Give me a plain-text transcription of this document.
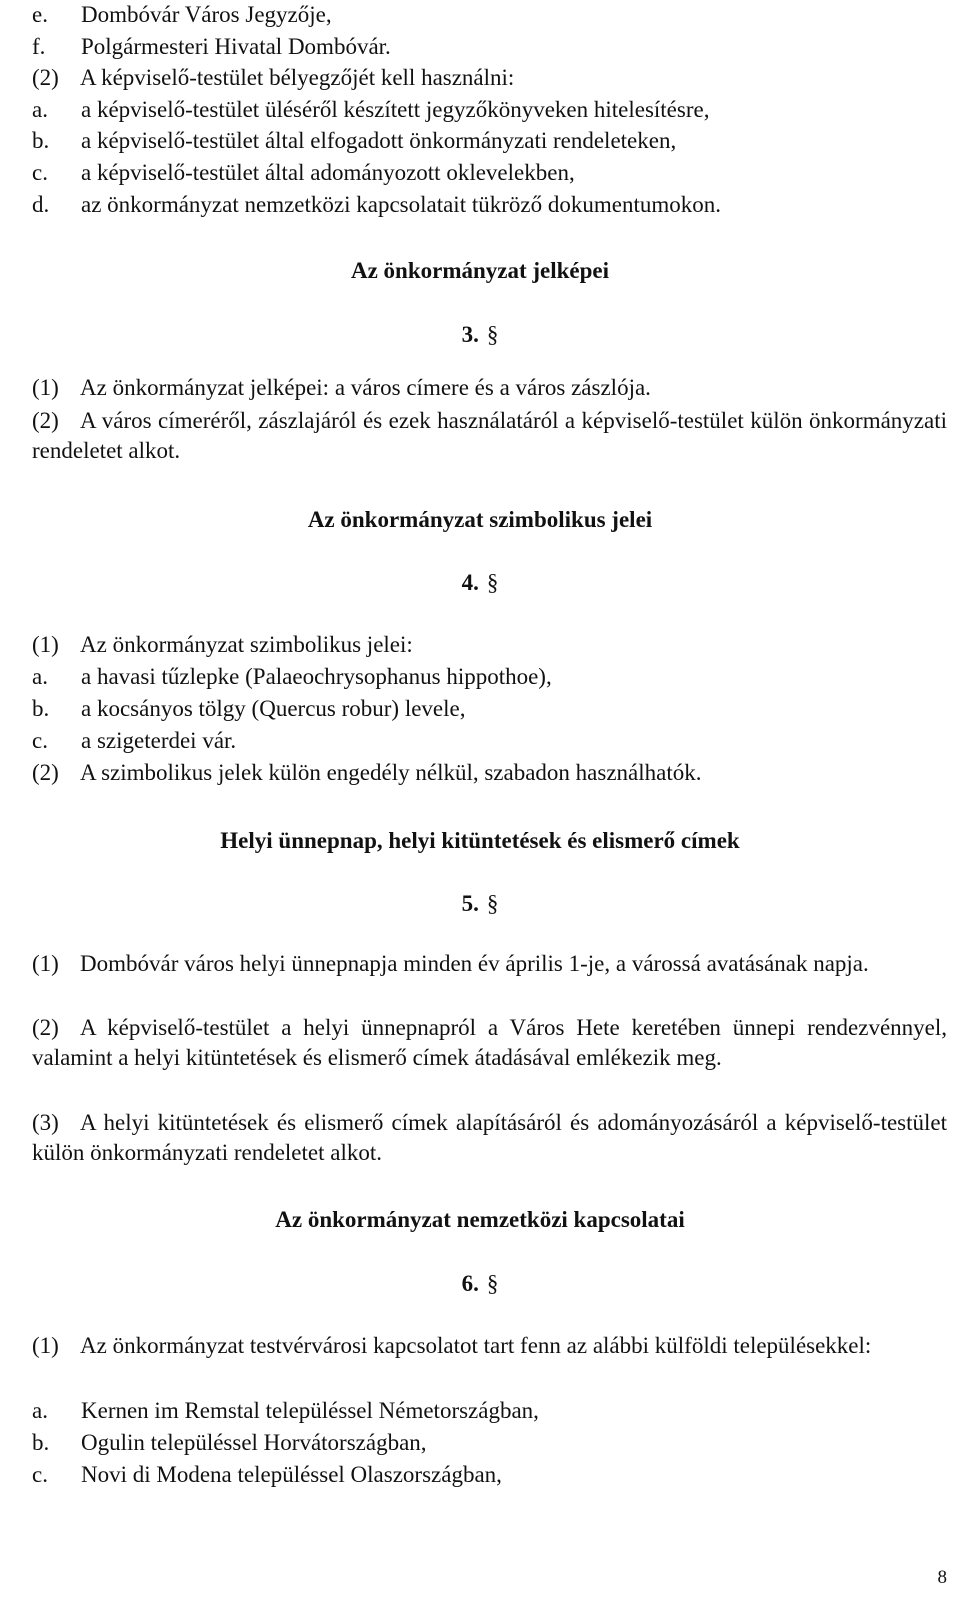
e. Dombóvár Város Jegyzője,

f. Polgármesteri Hivatal Dombóvár.

(2) A képviselő-testület bélyegzőjét kell használni:

a. a képviselő-testület üléséről készített jegyzőkönyveken hitelesítésre,

b. a képviselő-testület által elfogadott önkormányzati rendeleteken,

c. a képviselő-testület által adományozott oklevelekben,

d. az önkormányzat nemzetközi kapcsolatait tükröző dokumentumokon.

Az önkormányzat jelképei

3. §

(1) Az önkormányzat jelképei: a város címere és a város zászlója.

(2) A város címeréről, zászlajáról és ezek használatáról a képviselő-testület külön önkormányzati rendeletet alkot.

Az önkormányzat szimbolikus jelei

4. §

(1) Az önkormányzat szimbolikus jelei:

a. a havasi tűzlepke (Palaeochrysophanus hippothoe),

b. a kocsányos tölgy (Quercus robur) levele,

c. a szigeterdei vár.

(2) A szimbolikus jelek külön engedély nélkül, szabadon használhatók.

Helyi ünnepnap, helyi kitüntetések és elismerő címek

5. §

(1) Dombóvár város helyi ünnepnapja minden év április 1-je, a várossá avatásának napja.

(2) A képviselő-testület a helyi ünnepnapról a Város Hete keretében ünnepi rendezvénnyel, valamint a helyi kitüntetések és elismerő címek átadásával emlékezik meg.

(3) A helyi kitüntetések és elismerő címek alapításáról és adományozásáról a képviselő-testület külön önkormányzati rendeletet alkot.

Az önkormányzat nemzetközi kapcsolatai

6. §

(1) Az önkormányzat testvérvárosi kapcsolatot tart fenn az alábbi külföldi településekkel:

a. Kernen im Remstal településsel Németországban,

b. Ogulin településsel Horvátországban,

c. Novi di Modena településsel Olaszországban,

8
